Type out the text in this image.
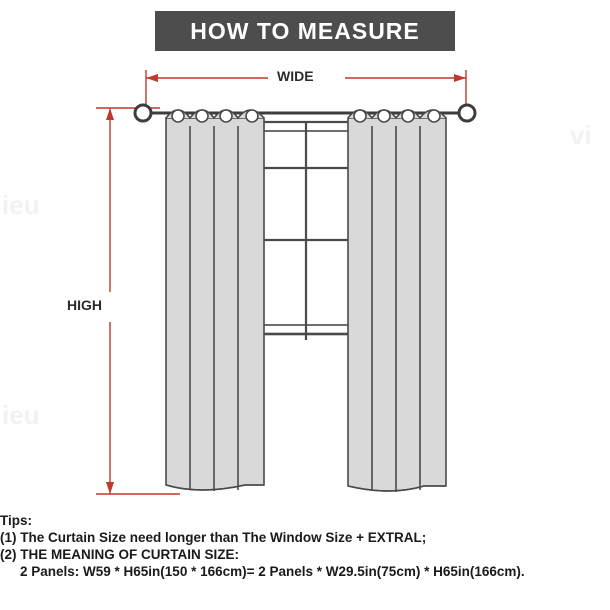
ieu
ieu
vi
HOW TO MEASURE
WIDE
HIGH
Tips:
(1) The Curtain Size need longer than The Window Size + EXTRAL;
(2) THE MEANING OF CURTAIN SIZE:
2 Panels: W59 * H65in(150 * 166cm)= 2 Panels * W29.5in(75cm) * H65in(166cm).
